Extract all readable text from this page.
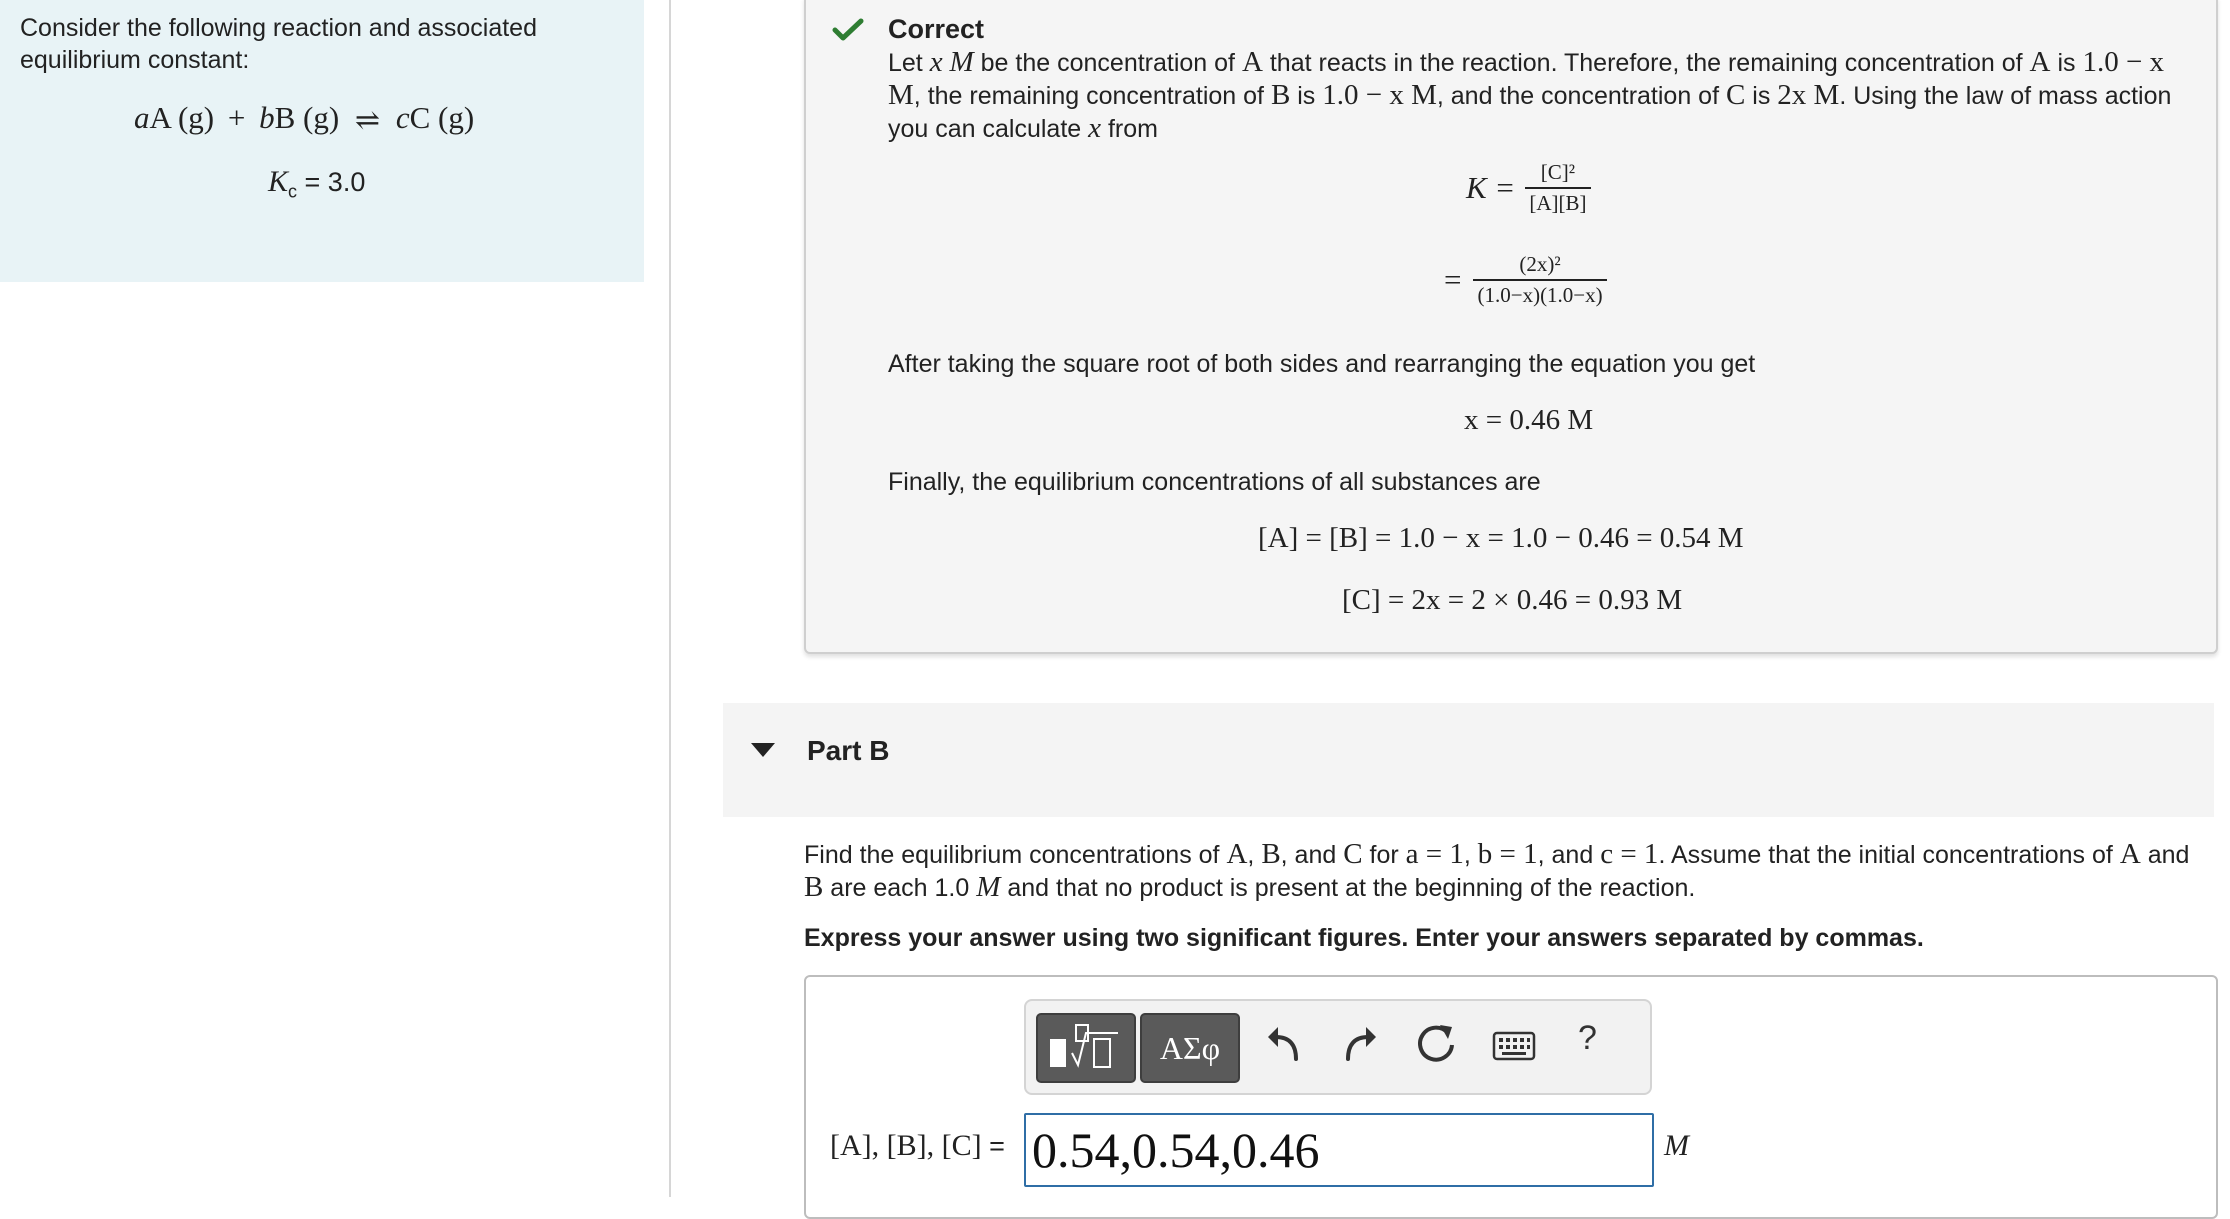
Consider the following reaction and associated equilibrium constant:
aA (g) + bB (g) ⇌ cC (g)
$K_c = 3.0$
Correct
Let x M be the concentration of A that reacts in the reaction. Therefore, the remaining concentration of A is 1.0 − x M, the remaining concentration of B is 1.0 − x M, and the concentration of C is 2x M. Using the law of mass action you can calculate x from
$K = \frac{\text{[C]²}}{[A][B]}$
= $\frac{\text{(2x)²}}{(1.0-x)(1.0-x)}$
After taking the square root of both sides and rearranging the equation you get
x = 0.46 M
Finally, the equilibrium concentrations of all substances are
[A] = [B] = 1.0 − x = 1.0 − 0.46 = 0.54 M
[C] = 2x = 2 × 0.46 = 0.93 M
Part B
Find the equilibrium concentrations of A, B, and C for a = 1, b = 1, and c = 1. Assume that the initial concentrations of A and B are each 1.0 M and that no product is present at the beginning of the reaction.
Express your answer using two significant figures. Enter your answers separated by commas.
ΑΣφ	?
[A], [B], [C] =
0.54,0.54,0.46	M
